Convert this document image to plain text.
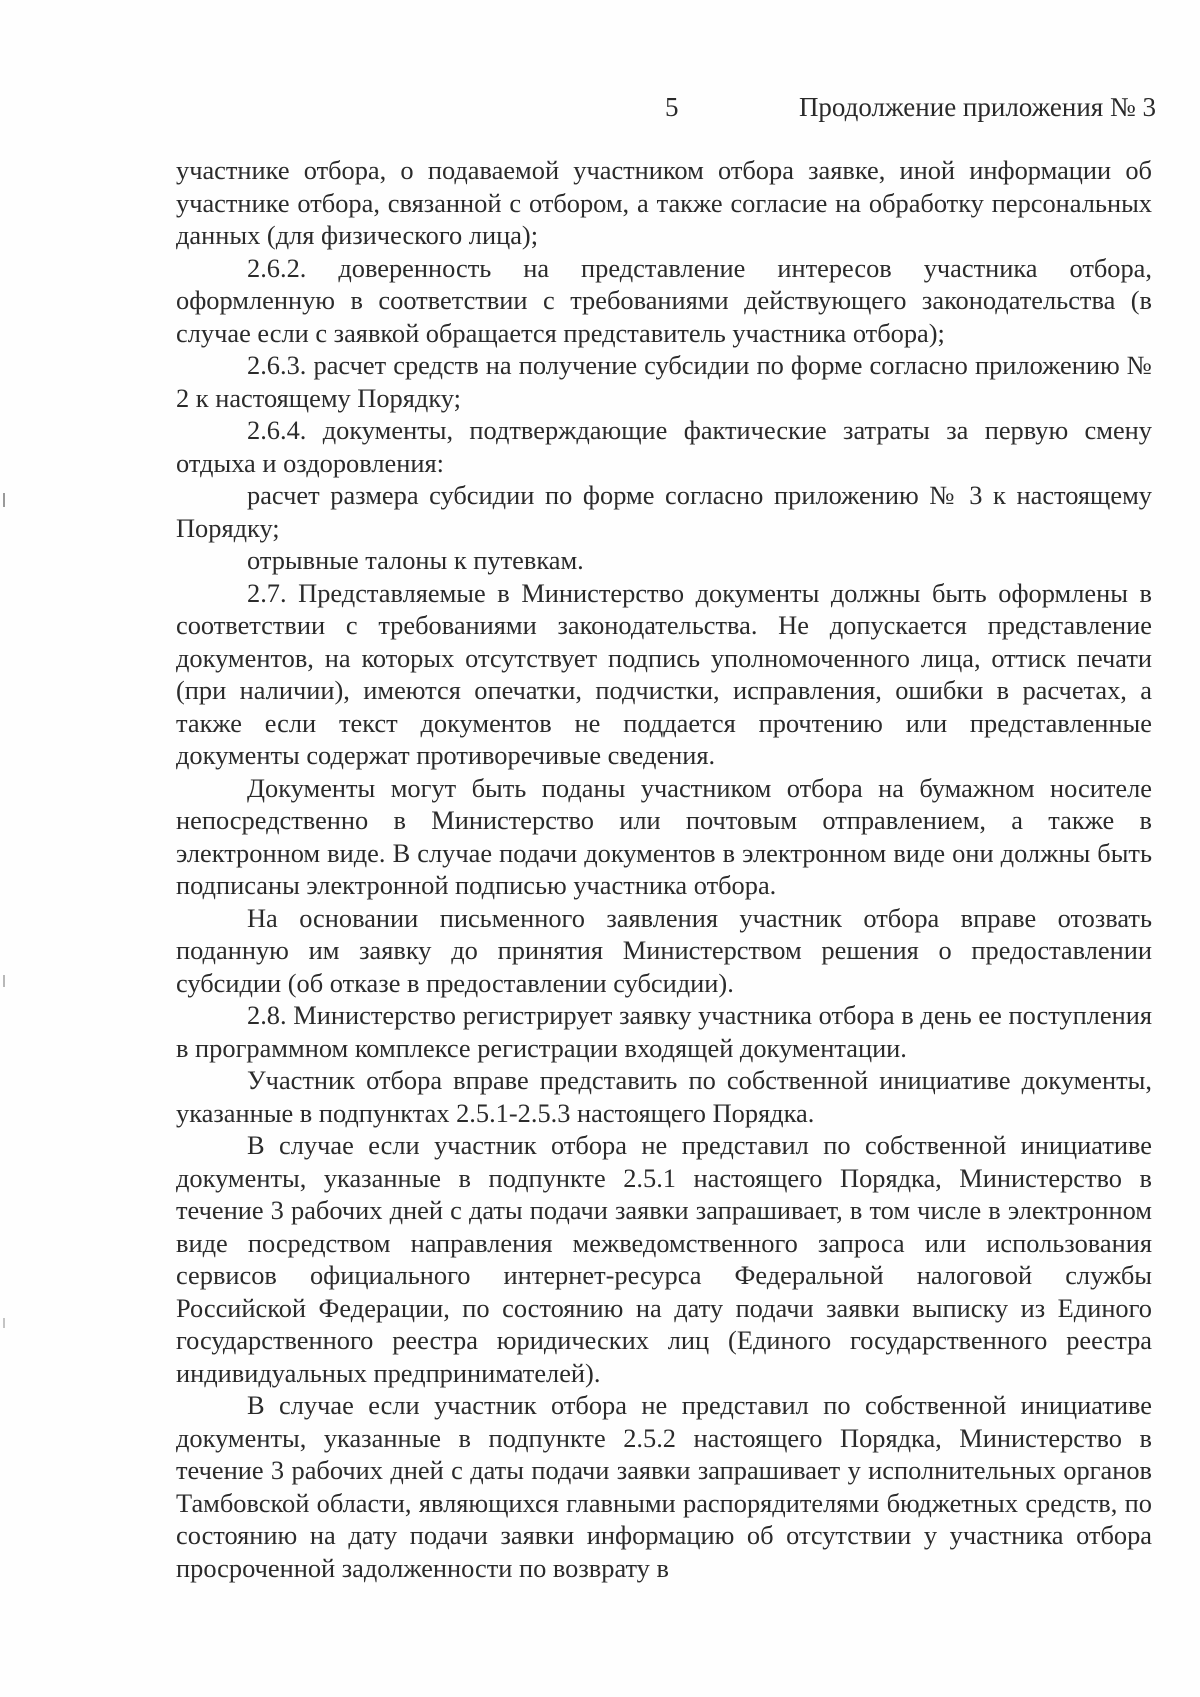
5	Продолжение приложения № 3

участнике отбора, о подаваемой участником отбора заявке, иной информации об участнике отбора, связанной с отбором, а также согласие на обработку персональных данных (для физического лица);

2.6.2. доверенность на представление интересов участника отбора, оформленную в соответствии с требованиями действующего законодательства (в случае если с заявкой обращается представитель участника отбора);

2.6.3. расчет средств на получение субсидии по форме согласно приложению № 2 к настоящему Порядку;

2.6.4. документы, подтверждающие фактические затраты за первую смену отдыха и оздоровления:

расчет размера субсидии по форме согласно приложению № 3 к настоящему Порядку;

отрывные талоны к путевкам.

2.7. Представляемые в Министерство документы должны быть оформлены в соответствии с требованиями законодательства. Не допускается представление документов, на которых отсутствует подпись уполномоченного лица, оттиск печати (при наличии), имеются опечатки, подчистки, исправления, ошибки в расчетах, а также если текст документов не поддается прочтению или представленные документы содержат противоречивые сведения.

Документы могут быть поданы участником отбора на бумажном носителе непосредственно в Министерство или почтовым отправлением, а также в электронном виде. В случае подачи документов в электронном виде они должны быть подписаны электронной подписью участника отбора.

На основании письменного заявления участник отбора вправе отозвать поданную им заявку до принятия Министерством решения о предоставлении субсидии (об отказе в предоставлении субсидии).

2.8. Министерство регистрирует заявку участника отбора в день ее поступления в программном комплексе регистрации входящей документации.

Участник отбора вправе представить по собственной инициативе документы, указанные в подпунктах 2.5.1-2.5.3 настоящего Порядка.

В случае если участник отбора не представил по собственной инициативе документы, указанные в подпункте 2.5.1 настоящего Порядка, Министерство в течение 3 рабочих дней с даты подачи заявки запрашивает, в том числе в электронном виде посредством направления межведомственного запроса или использования сервисов официального интернет-ресурса Федеральной налоговой службы Российской Федерации, по состоянию на дату подачи заявки выписку из Единого государственного реестра юридических лиц (Единого государственного реестра индивидуальных предпринимателей).

В случае если участник отбора не представил по собственной инициативе документы, указанные в подпункте 2.5.2 настоящего Порядка, Министерство в течение 3 рабочих дней с даты подачи заявки запрашивает у исполнительных органов Тамбовской области, являющихся главными распорядителями бюджетных средств, по состоянию на дату подачи заявки информацию об отсутствии у участника отбора просроченной задолженности по возврату в
